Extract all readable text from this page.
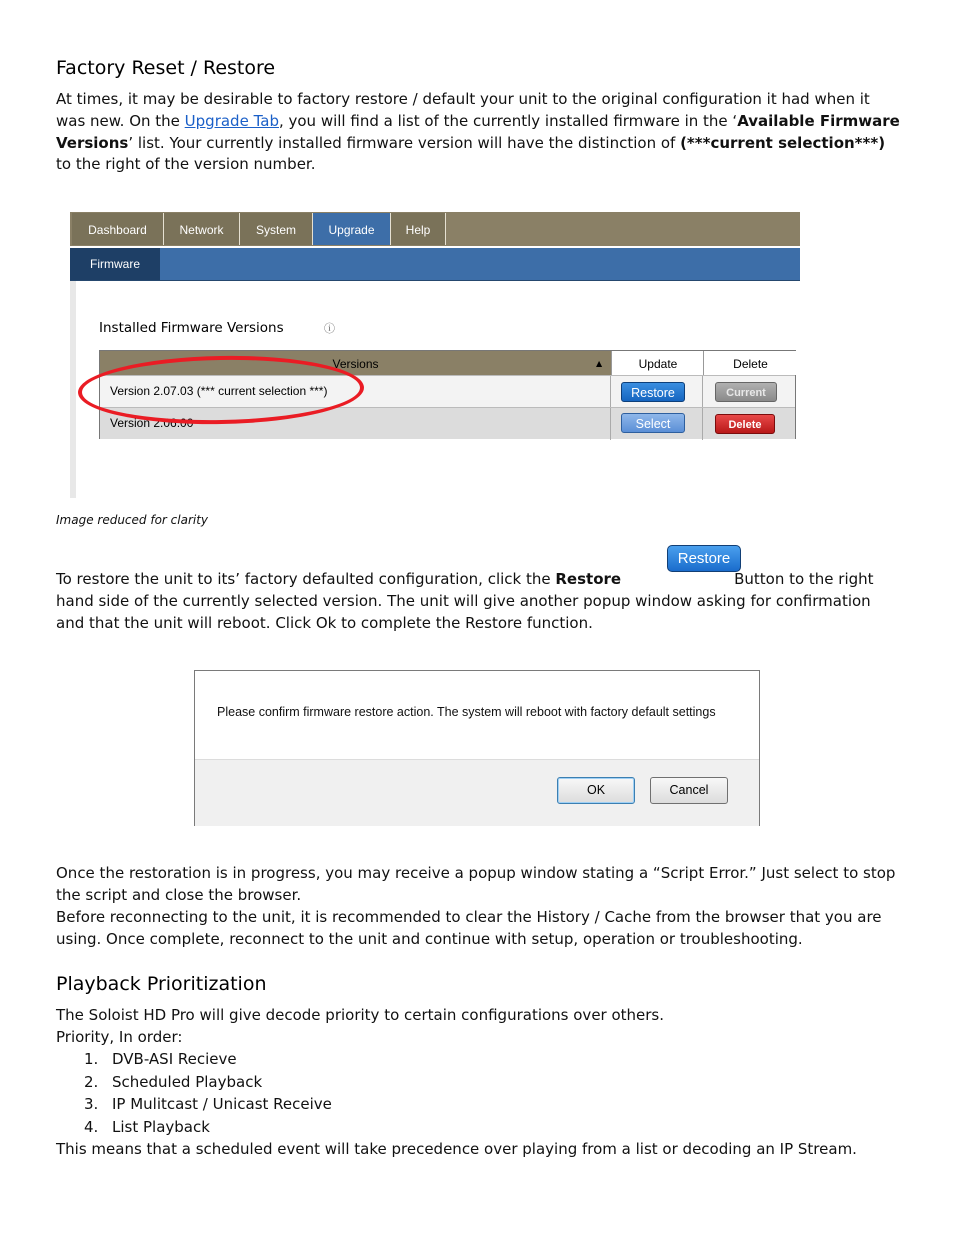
Factory Reset / Restore

At times, it may be desirable to factory restore / default your unit to the original configuration it had when it was new. On the Upgrade Tab, you will find a list of the currently installed firmware in the ‘Available Firmware Versions’ list. Your currently installed firmware version will have the distinction of (***current selection***) to the right of the version number.

Dashboard	Network	System	Upgrade	Help
Firmware
Installed Firmware Versions	ⓘ
Versions	▲	Update	Delete
Version 2.07.03 (*** current selection ***)	Restore	Current
Version 2.06.00	Select	Delete
Image reduced for clarity
Restore

To restore the unit to its’ factory defaulted configuration, click the Restore	Button to the right hand side of the currently selected version. The unit will give another popup window asking for confirmation and that the unit will reboot. Click Ok to complete the Restore function.

Please confirm firmware restore action. The system will reboot with factory default settings
OK	Cancel

Once the restoration is in progress, you may receive a popup window stating a “Script Error.” Just select to stop the script and close the browser.

Before reconnecting to the unit, it is recommended to clear the History / Cache from the browser that you are using. Once complete, reconnect to the unit and continue with setup, operation or troubleshooting.

Playback Prioritization

The Soloist HD Pro will give decode priority to certain configurations over others.

Priority, In order:

1. DVB-ASI Recieve
2. Scheduled Playback
3. IP Mulitcast / Unicast Receive
4. List Playback

This means that a scheduled event will take precedence over playing from a list or decoding an IP Stream.
